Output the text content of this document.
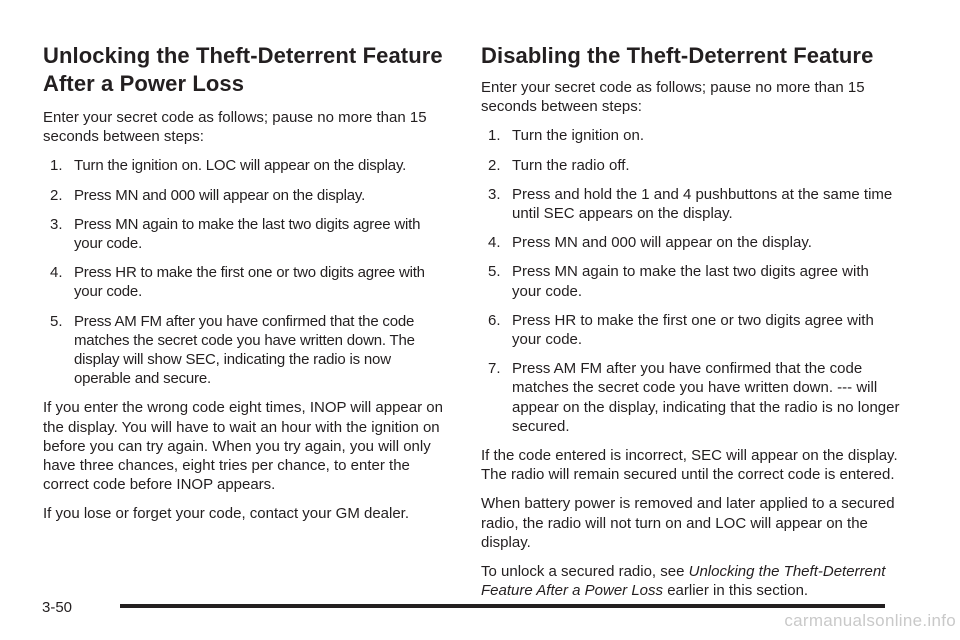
Unlocking the Theft-Deterrent Feature
After a Power Loss

Enter your secret code as follows; pause no more than 15 seconds between steps:

1. Turn the ignition on. LOC will appear on the display.
2. Press MN and 000 will appear on the display.
3. Press MN again to make the last two digits agree with your code.
4. Press HR to make the first one or two digits agree with your code.
5. Press AM FM after you have confirmed that the code matches the secret code you have written down. The display will show SEC, indicating the radio is now operable and secure.

If you enter the wrong code eight times, INOP will appear on the display. You will have to wait an hour with the ignition on before you can try again. When you try again, you will only have three chances, eight tries per chance, to enter the correct code before INOP appears.

If you lose or forget your code, contact your GM dealer.

Disabling the Theft-Deterrent Feature

Enter your secret code as follows; pause no more than 15 seconds between steps:

1. Turn the ignition on.
2. Turn the radio off.
3. Press and hold the 1 and 4 pushbuttons at the same time until SEC appears on the display.
4. Press MN and 000 will appear on the display.
5. Press MN again to make the last two digits agree with your code.
6. Press HR to make the first one or two digits agree with your code.
7. Press AM FM after you have confirmed that the code matches the secret code you have written down. --- will appear on the display, indicating that the radio is no longer secured.

If the code entered is incorrect, SEC will appear on the display. The radio will remain secured until the correct code is entered.

When battery power is removed and later applied to a secured radio, the radio will not turn on and LOC will appear on the display.

To unlock a secured radio, see Unlocking the Theft-Deterrent Feature After a Power Loss earlier in this section.

3-50
carmanualsonline.info
